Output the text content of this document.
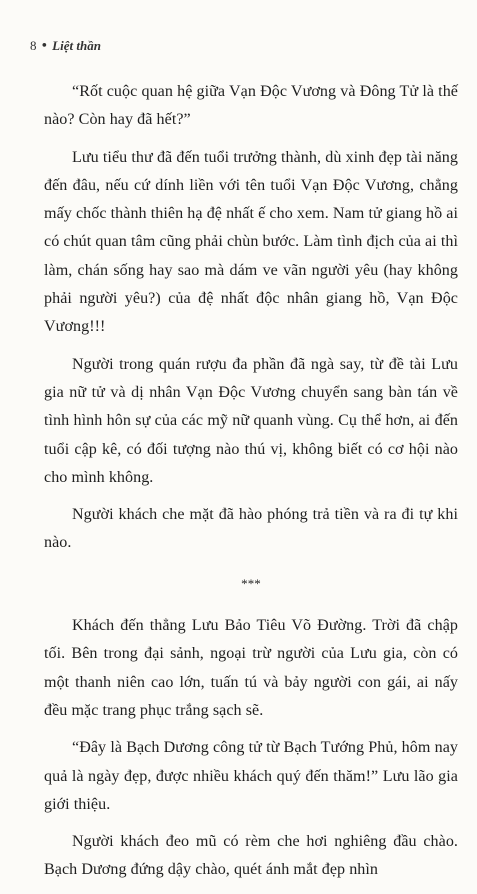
8 • Liệt thần

“Rốt cuộc quan hệ giữa Vạn Độc Vương và Đông Tử là thế nào? Còn hay đã hết?”

Lưu tiểu thư đã đến tuổi trưởng thành, dù xinh đẹp tài năng đến đâu, nếu cứ dính liền với tên tuổi Vạn Độc Vương, chẳng mấy chốc thành thiên hạ đệ nhất ế cho xem. Nam tử giang hồ ai có chút quan tâm cũng phải chùn bước. Làm tình địch của ai thì làm, chán sống hay sao mà dám ve vãn người yêu (hay không phải người yêu?) của đệ nhất độc nhân giang hồ, Vạn Độc Vương!!!

Người trong quán rượu đa phần đã ngà say, từ đề tài Lưu gia nữ tử và dị nhân Vạn Độc Vương chuyển sang bàn tán về tình hình hôn sự của các mỹ nữ quanh vùng. Cụ thể hơn, ai đến tuổi cập kê, có đối tượng nào thú vị, không biết có cơ hội nào cho mình không.

Người khách che mặt đã hào phóng trả tiền và ra đi tự khi nào.

***

Khách đến thẳng Lưu Bảo Tiêu Võ Đường. Trời đã chập tối. Bên trong đại sảnh, ngoại trừ người của Lưu gia, còn có một thanh niên cao lớn, tuấn tú và bảy người con gái, ai nấy đều mặc trang phục trắng sạch sẽ.

“Đây là Bạch Dương công tử từ Bạch Tướng Phủ, hôm nay quả là ngày đẹp, được nhiều khách quý đến thăm!” Lưu lão gia giới thiệu.

Người khách đeo mũ có rèm che hơi nghiêng đầu chào. Bạch Dương đứng dậy chào, quét ánh mắt đẹp nhìn
